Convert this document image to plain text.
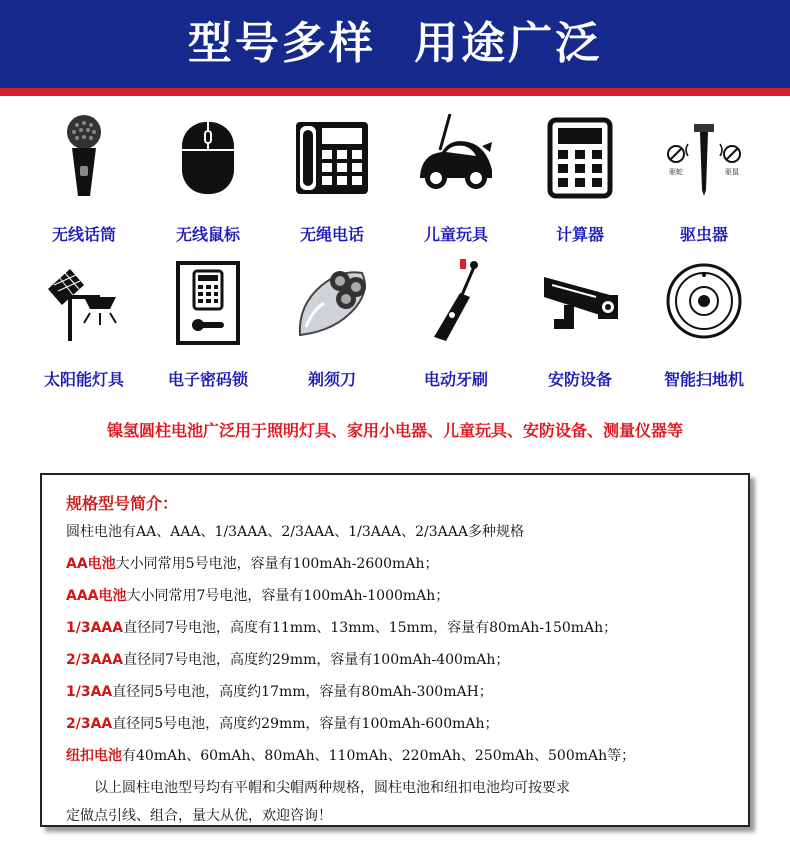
型号多样 用途广泛
无线话筒	无线鼠标	无绳电话	儿童玩具	计算器
驱蛇	驱鼠
驱虫器
太阳能灯具	电子密码锁	剃须刀	电动牙刷	安防设备	智能扫地机
镍氢圆柱电池广泛用于照明灯具、家用小电器、儿童玩具、安防设备、测量仪器等
规格型号简介：
圆柱电池有AA、AAA、1/3AAA、2/3AAA、1/3AAA、2/3AAA多种规格
AA电池大小同常用5号电池，容量有100mAh-2600mAh；
AAA电池大小同常用7号电池，容量有100mAh-1000mAh；
1/3AAA直径同7号电池，高度有11mm、13mm、15mm，容量有80mAh-150mAh；
2/3AAA直径同7号电池，高度约29mm，容量有100mAh-400mAh；
1/3AA直径同5号电池，高度约17mm，容量有80mAh-300mAH；
2/3AA直径同5号电池，高度约29mm，容量有100mAh-600mAh；
纽扣电池有40mAh、60mAh、80mAh、110mAh、220mAh、250mAh、500mAh等；
　　以上圆柱电池型号均有平帽和尖帽两种规格，圆柱电池和纽扣电池均可按要求
定做点引线、组合，量大从优，欢迎咨询！
